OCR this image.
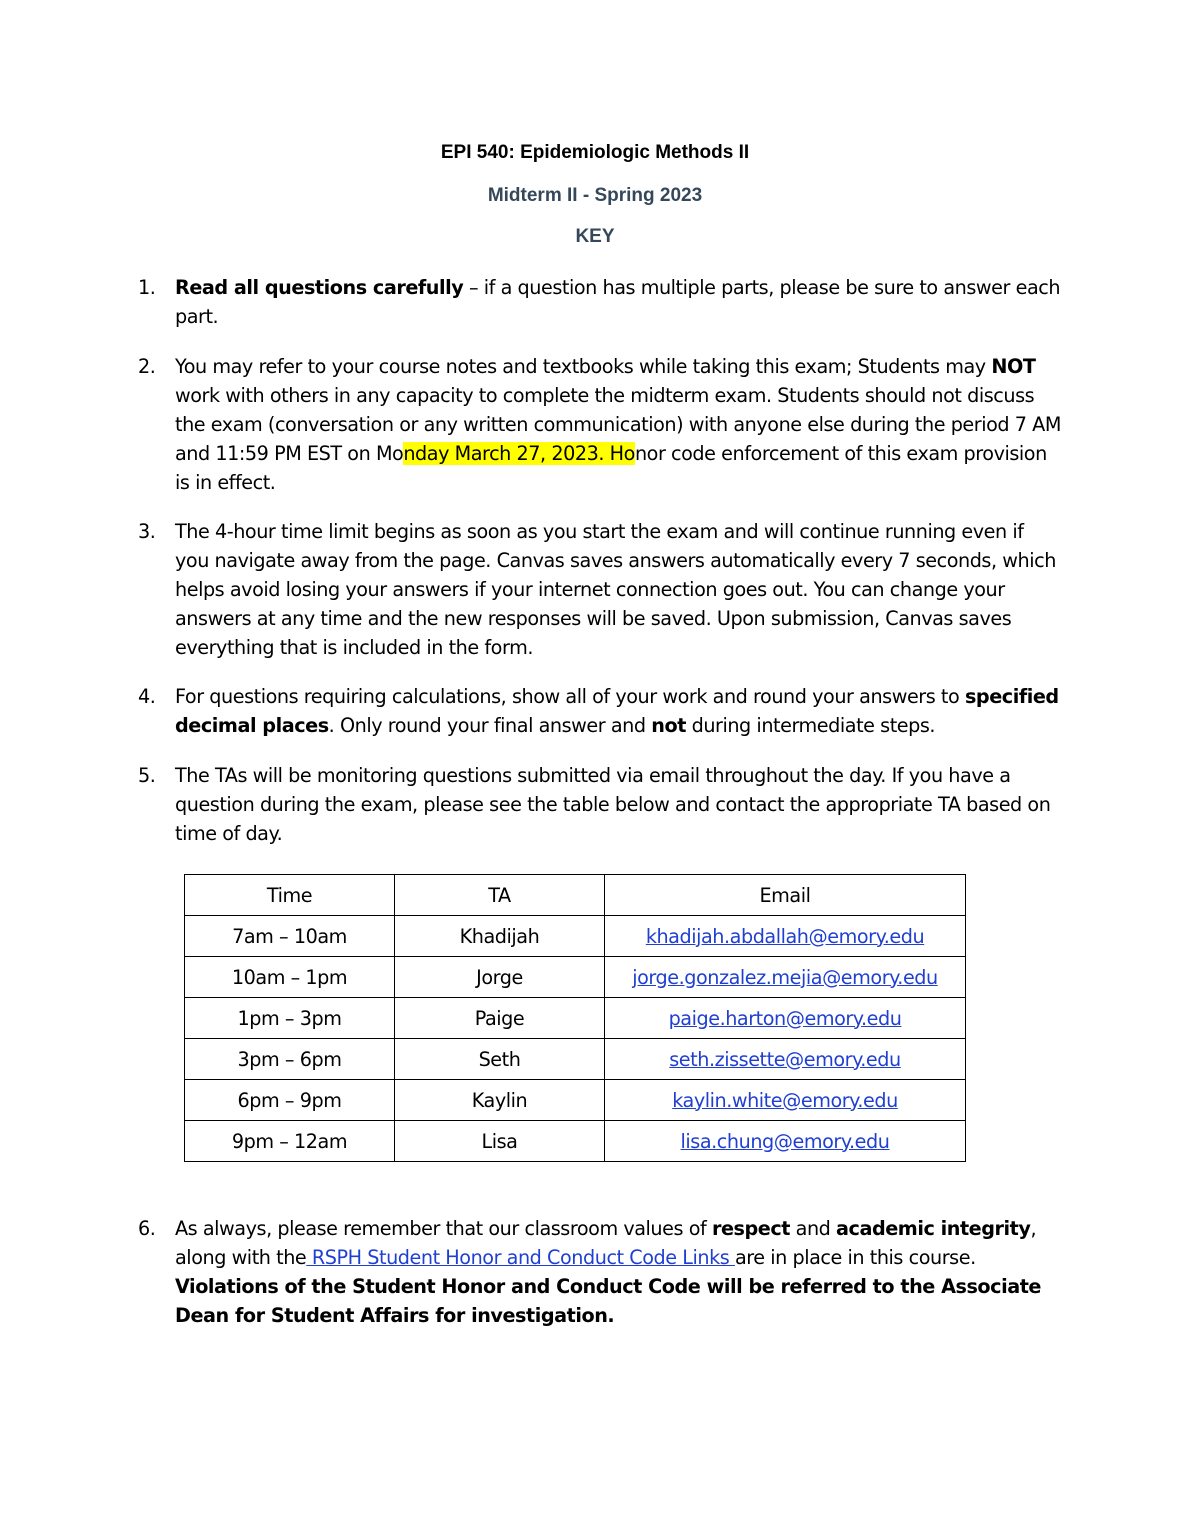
EPI 540: Epidemiologic Methods II
Midterm II - Spring 2023
KEY
1.	Read all questions carefully – if a question has multiple parts, please be sure to answer each part.
2.	You may refer to your course notes and textbooks while taking this exam; Students may NOT work with others in any capacity to complete the midterm exam. Students should not discuss the exam (conversation or any written communication) with anyone else during the period 7 AM and 11:59 PM EST on Monday March 27, 2023. Honor code enforcement of this exam provision is in effect.
3.	The 4-hour time limit begins as soon as you start the exam and will continue running even if you navigate away from the page. Canvas saves answers automatically every 7 seconds, which helps avoid losing your answers if your internet connection goes out. You can change your answers at any time and the new responses will be saved. Upon submission, Canvas saves everything that is included in the form.
4.	For questions requiring calculations, show all of your work and round your answers to specified decimal places. Only round your final answer and not during intermediate steps.
5.	The TAs will be monitoring questions submitted via email throughout the day. If you have a question during the exam, please see the table below and contact the appropriate TA based on time of day.
Time	TA	Email
7am – 10am	Khadijah	khadijah.abdallah@emory.edu
10am – 1pm	Jorge	jorge.gonzalez.mejia@emory.edu
1pm – 3pm	Paige	paige.harton@emory.edu
3pm – 6pm	Seth	seth.zissette@emory.edu
6pm – 9pm	Kaylin	kaylin.white@emory.edu
9pm – 12am	Lisa	lisa.chung@emory.edu
6.	As always, please remember that our classroom values of respect and academic integrity, along with the RSPH Student Honor and Conduct Code Links are in place in this course.
Violations of the Student Honor and Conduct Code will be referred to the Associate Dean for Student Affairs for investigation.
